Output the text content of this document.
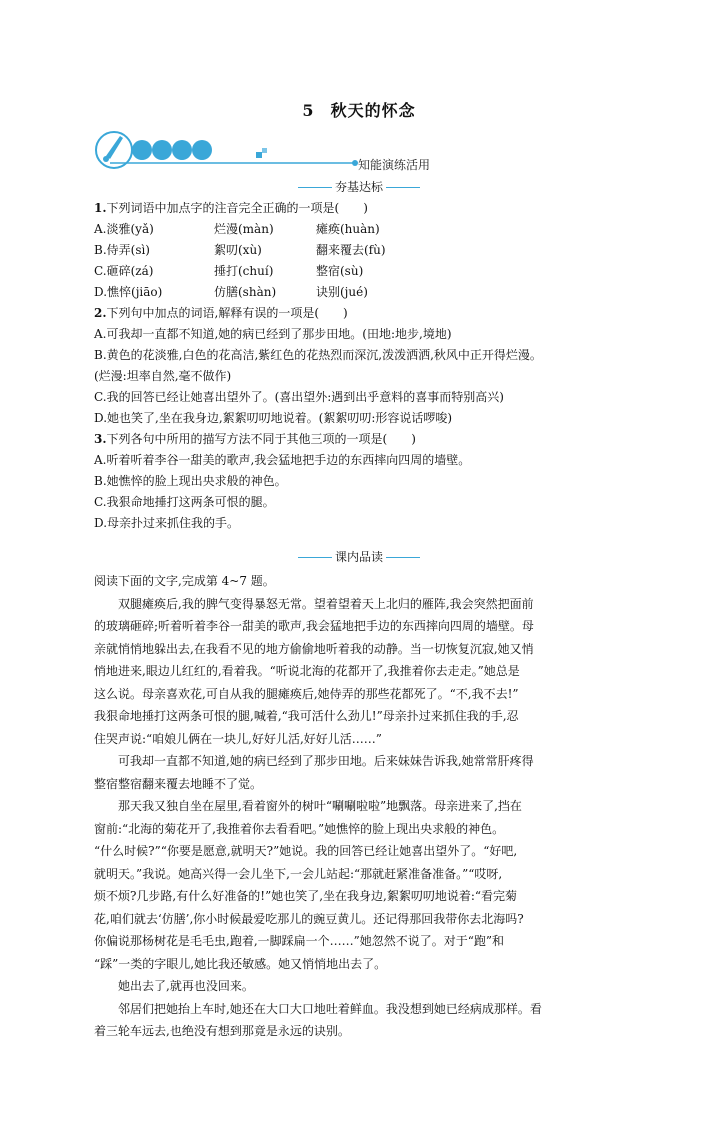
5 秋天的怀念
知能演练活用
夯基达标
1.下列词语中加点字的注音完全正确的一项是(　　)
A.淡雅(yǎ)	烂漫(màn)	瘫痪(huàn)
B.侍弄(sì)	絮叨(xù)	翻来覆去(fù)
C.砸碎(zá)	捶打(chuí)	整宿(sù)
D.憔悴(jiāo)	仿膳(shàn)	诀别(jué)
2.下列句中加点的词语,解释有误的一项是(　　)
A.可我却一直都不知道,她的病已经到了那步田地。(田地:地步,境地)
B.黄色的花淡雅,白色的花高洁,紫红色的花热烈而深沉,泼泼洒洒,秋风中正开得烂漫。
(烂漫:坦率自然,毫不做作)
C.我的回答已经让她喜出望外了。(喜出望外:遇到出乎意料的喜事而特别高兴)
D.她也笑了,坐在我身边,絮絮叨叨地说着。(絮絮叨叨:形容说话啰唆)
3.下列各句中所用的描写方法不同于其他三项的一项是(　　)
A.听着听着李谷一甜美的歌声,我会猛地把手边的东西摔向四周的墙壁。
B.她憔悴的脸上现出央求般的神色。
C.我狠命地捶打这两条可恨的腿。
D.母亲扑过来抓住我的手。
课内品读
阅读下面的文字,完成第 4~7 题。
双腿瘫痪后,我的脾气变得暴怒无常。望着望着天上北归的雁阵,我会突然把面前
的玻璃砸碎;听着听着李谷一甜美的歌声,我会猛地把手边的东西摔向四周的墙壁。母
亲就悄悄地躲出去,在我看不见的地方偷偷地听着我的动静。当一切恢复沉寂,她又悄
悄地进来,眼边儿红红的,看着我。“听说北海的花都开了,我推着你去走走。”她总是
这么说。母亲喜欢花,可自从我的腿瘫痪后,她侍弄的那些花都死了。“不,我不去!”
我狠命地捶打这两条可恨的腿,喊着,“我可活什么劲儿!”母亲扑过来抓住我的手,忍
住哭声说:“咱娘儿俩在一块儿,好好儿活,好好儿活……”
可我却一直都不知道,她的病已经到了那步田地。后来妹妹告诉我,她常常肝疼得
整宿整宿翻来覆去地睡不了觉。
那天我又独自坐在屋里,看着窗外的树叶“唰唰啦啦”地飘落。母亲进来了,挡在
窗前:“北海的菊花开了,我推着你去看看吧。”她憔悴的脸上现出央求般的神色。
“什么时候?”“你要是愿意,就明天?”她说。我的回答已经让她喜出望外了。“好吧,
就明天。”我说。她高兴得一会儿坐下,一会儿站起:“那就赶紧准备准备。”“哎呀,
烦不烦?几步路,有什么好准备的!”她也笑了,坐在我身边,絮絮叨叨地说着:“看完菊
花,咱们就去‘仿膳’,你小时候最爱吃那儿的豌豆黄儿。还记得那回我带你去北海吗?
你偏说那杨树花是毛毛虫,跑着,一脚踩扁一个……”她忽然不说了。对于“跑”和
“踩”一类的字眼儿,她比我还敏感。她又悄悄地出去了。
她出去了,就再也没回来。
邻居们把她抬上车时,她还在大口大口地吐着鲜血。我没想到她已经病成那样。看
着三轮车远去,也绝没有想到那竟是永远的诀别。
